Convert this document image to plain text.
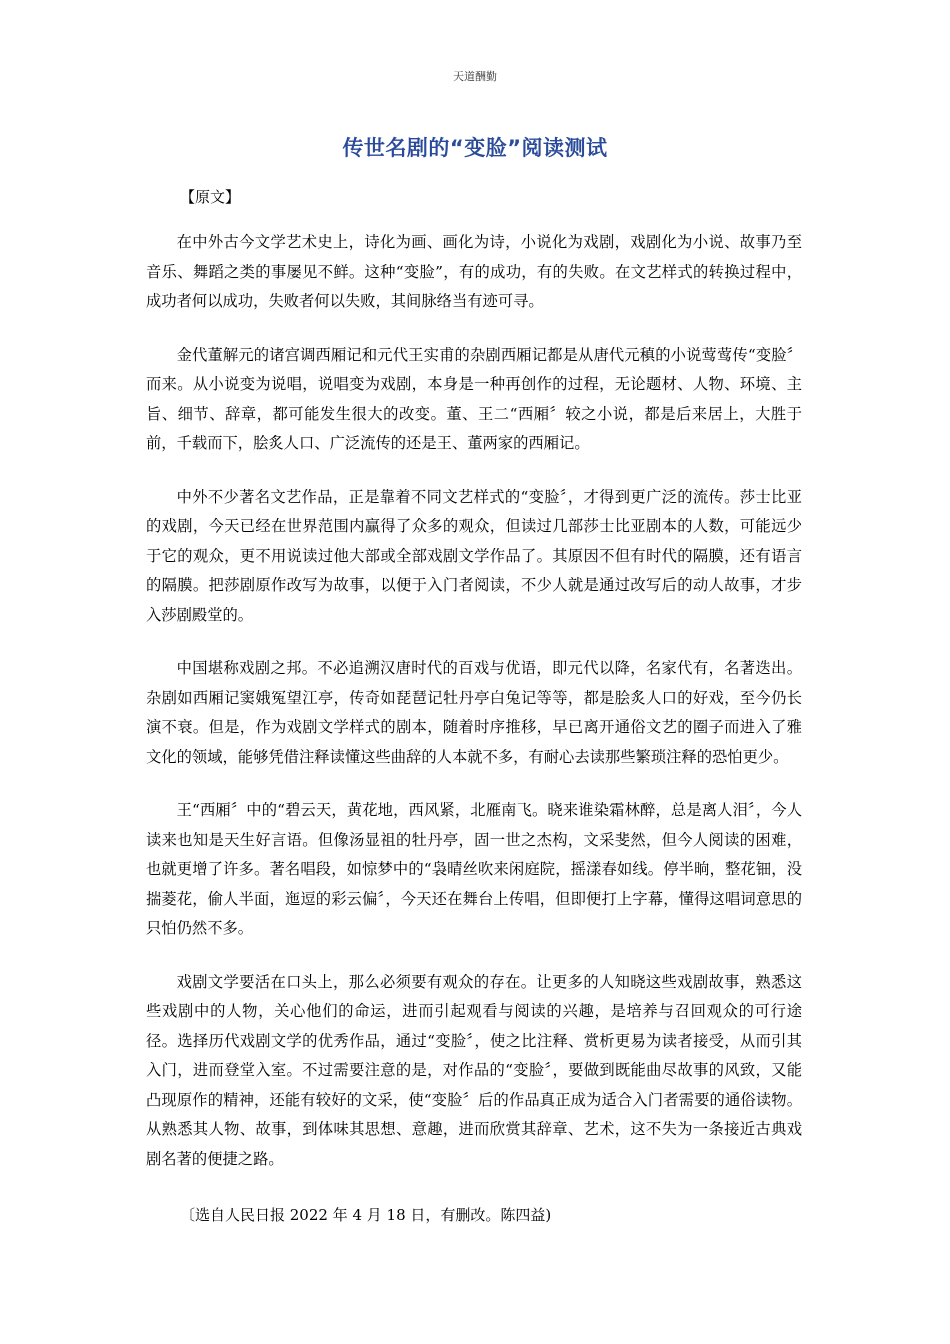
天道酬勤
传世名剧的“变脸”阅读测试
【原文】

在中外古今文学艺术史上，诗化为画、画化为诗，小说化为戏剧，戏剧化为小说、故事乃至音乐、舞蹈之类的事屡见不鲜。这种“变脸”，有的成功，有的失败。在文艺样式的转换过程中，成功者何以成功，失败者何以失败，其间脉络当有迹可寻。

金代董解元的诸宫调西厢记和元代王实甫的杂剧西厢记都是从唐代元稹的小说莺莺传“变脸〞而来。从小说变为说唱，说唱变为戏剧，本身是一种再创作的过程，无论题材、人物、环境、主旨、细节、辞章，都可能发生很大的改变。董、王二“西厢〞较之小说，都是后来居上，大胜于前，千载而下，脍炙人口、广泛流传的还是王、董两家的西厢记。

中外不少著名文艺作品，正是靠着不同文艺样式的“变脸〞，才得到更广泛的流传。莎士比亚的戏剧，今天已经在世界范围内赢得了众多的观众，但读过几部莎士比亚剧本的人数，可能远少于它的观众，更不用说读过他大部或全部戏剧文学作品了。其原因不但有时代的隔膜，还有语言的隔膜。把莎剧原作改写为故事，以便于入门者阅读，不少人就是通过改写后的动人故事，才步入莎剧殿堂的。

中国堪称戏剧之邦。不必追溯汉唐时代的百戏与优语，即元代以降，名家代有，名著迭出。杂剧如西厢记窦娥冤望江亭，传奇如琵琶记牡丹亭白兔记等等，都是脍炙人口的好戏，至今仍长演不衰。但是，作为戏剧文学样式的剧本，随着时序推移，早已离开通俗文艺的圈子而进入了雅文化的领域，能够凭借注释读懂这些曲辞的人本就不多，有耐心去读那些繁琐注释的恐怕更少。

王“西厢〞中的“碧云天，黄花地，西风紧，北雁南飞。晓来谁染霜林醉，总是离人泪〞，今人读来也知是天生好言语。但像汤显祖的牡丹亭，固一世之杰构，文采斐然，但今人阅读的困难，也就更增了许多。著名唱段，如惊梦中的“袅晴丝吹来闲庭院，摇漾春如线。停半晌，整花钿，没揣菱花，偷人半面，迤逗的彩云偏〞，今天还在舞台上传唱，但即便打上字幕，懂得这唱词意思的只怕仍然不多。

戏剧文学要活在口头上，那么必须要有观众的存在。让更多的人知晓这些戏剧故事，熟悉这些戏剧中的人物，关心他们的命运，进而引起观看与阅读的兴趣，是培养与召回观众的可行途径。选择历代戏剧文学的优秀作品，通过“变脸〞，使之比注释、赏析更易为读者接受，从而引其入门，进而登堂入室。不过需要注意的是，对作品的“变脸〞，要做到既能曲尽故事的风致，又能凸现原作的精神，还能有较好的文采，使“变脸〞后的作品真正成为适合入门者需要的通俗读物。从熟悉其人物、故事，到体味其思想、意趣，进而欣赏其辞章、艺术，这不失为一条接近古典戏剧名著的便捷之路。

〔选自人民日报 2022 年 4 月 18 日，有删改。陈四益)
